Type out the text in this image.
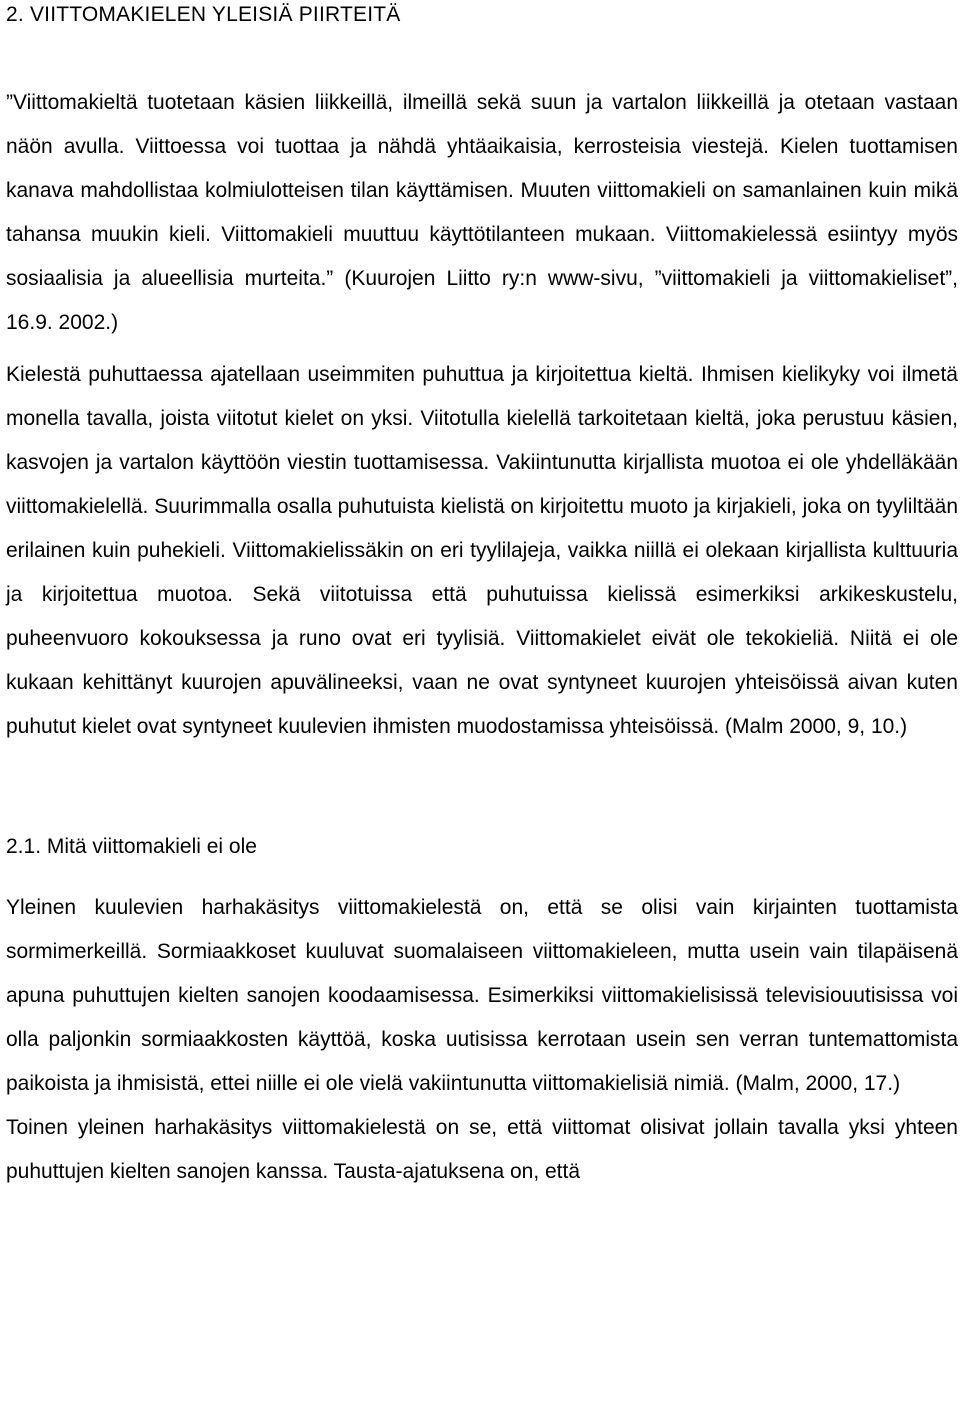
2. VIITTOMAKIELEN YLEISIÄ PIIRTEITÄ

”Viittomakieltä tuotetaan käsien liikkeillä, ilmeillä sekä suun ja vartalon liikkeillä ja otetaan vastaan näön avulla. Viittoessa voi tuottaa ja nähdä yhtäaikaisia, kerrosteisia viestejä. Kielen tuottamisen kanava mahdollistaa kolmiulotteisen tilan käyttämisen. Muuten viittomakieli on samanlainen kuin mikä tahansa muukin kieli. Viittomakieli muuttuu käyttötilanteen mukaan. Viittomakielessä esiintyy myös sosiaalisia ja alueellisia murteita.” (Kuurojen Liitto ry:n www-sivu, ”viittomakieli ja viittomakieliset”, 16.9. 2002.)

Kielestä puhuttaessa ajatellaan useimmiten puhuttua ja kirjoitettua kieltä. Ihmisen kielikyky voi ilmetä monella tavalla, joista viitotut kielet on yksi. Viitotulla kielellä tarkoitetaan kieltä, joka perustuu käsien, kasvojen ja vartalon käyttöön viestin tuottamisessa. Vakiintunutta kirjallista muotoa ei ole yhdelläkään viittomakielellä. Suurimmalla osalla puhutuista kielistä on kirjoitettu muoto ja kirjakieli, joka on tyyliltään erilainen kuin puhekieli. Viittomakielissäkin on eri tyylilajeja, vaikka niillä ei olekaan kirjallista kulttuuria ja kirjoitettua muotoa. Sekä viitotuissa että puhutuissa kielissä esimerkiksi arkikeskustelu, puheenvuoro kokouksessa ja runo ovat eri tyylisiä. Viittomakielet eivät ole tekokieliä. Niitä ei ole kukaan kehittänyt kuurojen apuvälineeksi, vaan ne ovat syntyneet kuurojen yhteisöissä aivan kuten puhutut kielet ovat syntyneet kuulevien ihmisten muodostamissa yhteisöissä. (Malm 2000, 9, 10.)

2.1. Mitä viittomakieli ei ole

Yleinen kuulevien harhakäsitys viittomakielestä on, että se olisi vain kirjainten tuottamista sormimerkeillä. Sormiaakkoset kuuluvat suomalaiseen viittomakieleen, mutta usein vain tilapäisenä apuna puhuttujen kielten sanojen koodaamisessa. Esimerkiksi viittomakielisissä televisiouutisissa voi olla paljonkin sormiaakkosten käyttöä, koska uutisissa kerrotaan usein sen verran tuntemattomista paikoista ja ihmisistä, ettei niille ei ole vielä vakiintunutta viittomakielisiä nimiä. (Malm, 2000, 17.)

Toinen yleinen harhakäsitys viittomakielestä on se, että viittomat olisivat jollain tavalla yksi yhteen puhuttujen kielten sanojen kanssa. Tausta-ajatuksena on, että
